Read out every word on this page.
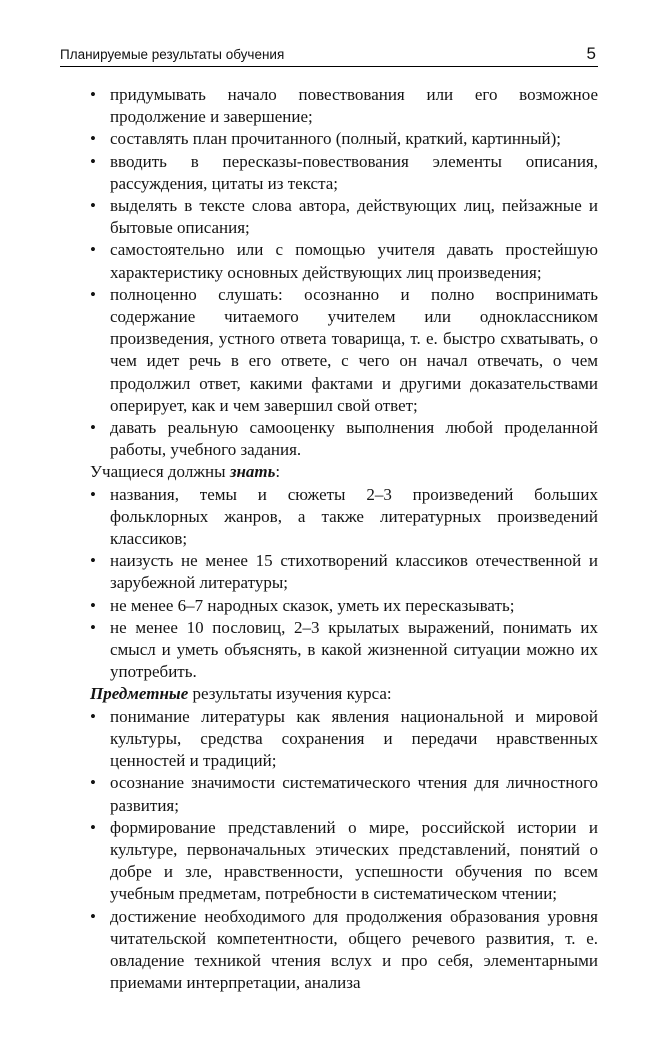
Планируемые результаты обучения	5
• придумывать начало повествования или его возможное продолжение и завершение;
• составлять план прочитанного (полный, краткий, картинный);
• вводить в пересказы-повествования элементы описания, рассуждения, цитаты из текста;
• выделять в тексте слова автора, действующих лиц, пейзажные и бытовые описания;
• самостоятельно или с помощью учителя давать простейшую характеристику основных действующих лиц произведения;
• полноценно слушать: осознанно и полно воспринимать содержание читаемого учителем или одноклассником произведения, устного ответа товарища, т. е. быстро схватывать, о чем идет речь в его ответе, с чего он начал отвечать, о чем продолжил ответ, какими фактами и другими доказательствами оперирует, как и чем завершил свой ответ;
• давать реальную самооценку выполнения любой проделанной работы, учебного задания.

Учащиеся должны знать:

• названия, темы и сюжеты 2–3 произведений больших фольклорных жанров, а также литературных произведений классиков;
• наизусть не менее 15 стихотворений классиков отечественной и зарубежной литературы;
• не менее 6–7 народных сказок, уметь их пересказывать;
• не менее 10 пословиц, 2–3 крылатых выражений, понимать их смысл и уметь объяснять, в какой жизненной ситуации можно их употребить.

Предметные результаты изучения курса:

• понимание литературы как явления национальной и мировой культуры, средства сохранения и передачи нравственных ценностей и традиций;
• осознание значимости систематического чтения для личностного развития;
• формирование представлений о мире, российской истории и культуре, первоначальных этических представлений, понятий о добре и зле, нравственности, успешности обучения по всем учебным предметам, потребности в систематическом чтении;
• достижение необходимого для продолжения образования уровня читательской компетентности, общего речевого развития, т. е. овладение техникой чтения вслух и про себя, элементарными приемами интерпретации, анализа
